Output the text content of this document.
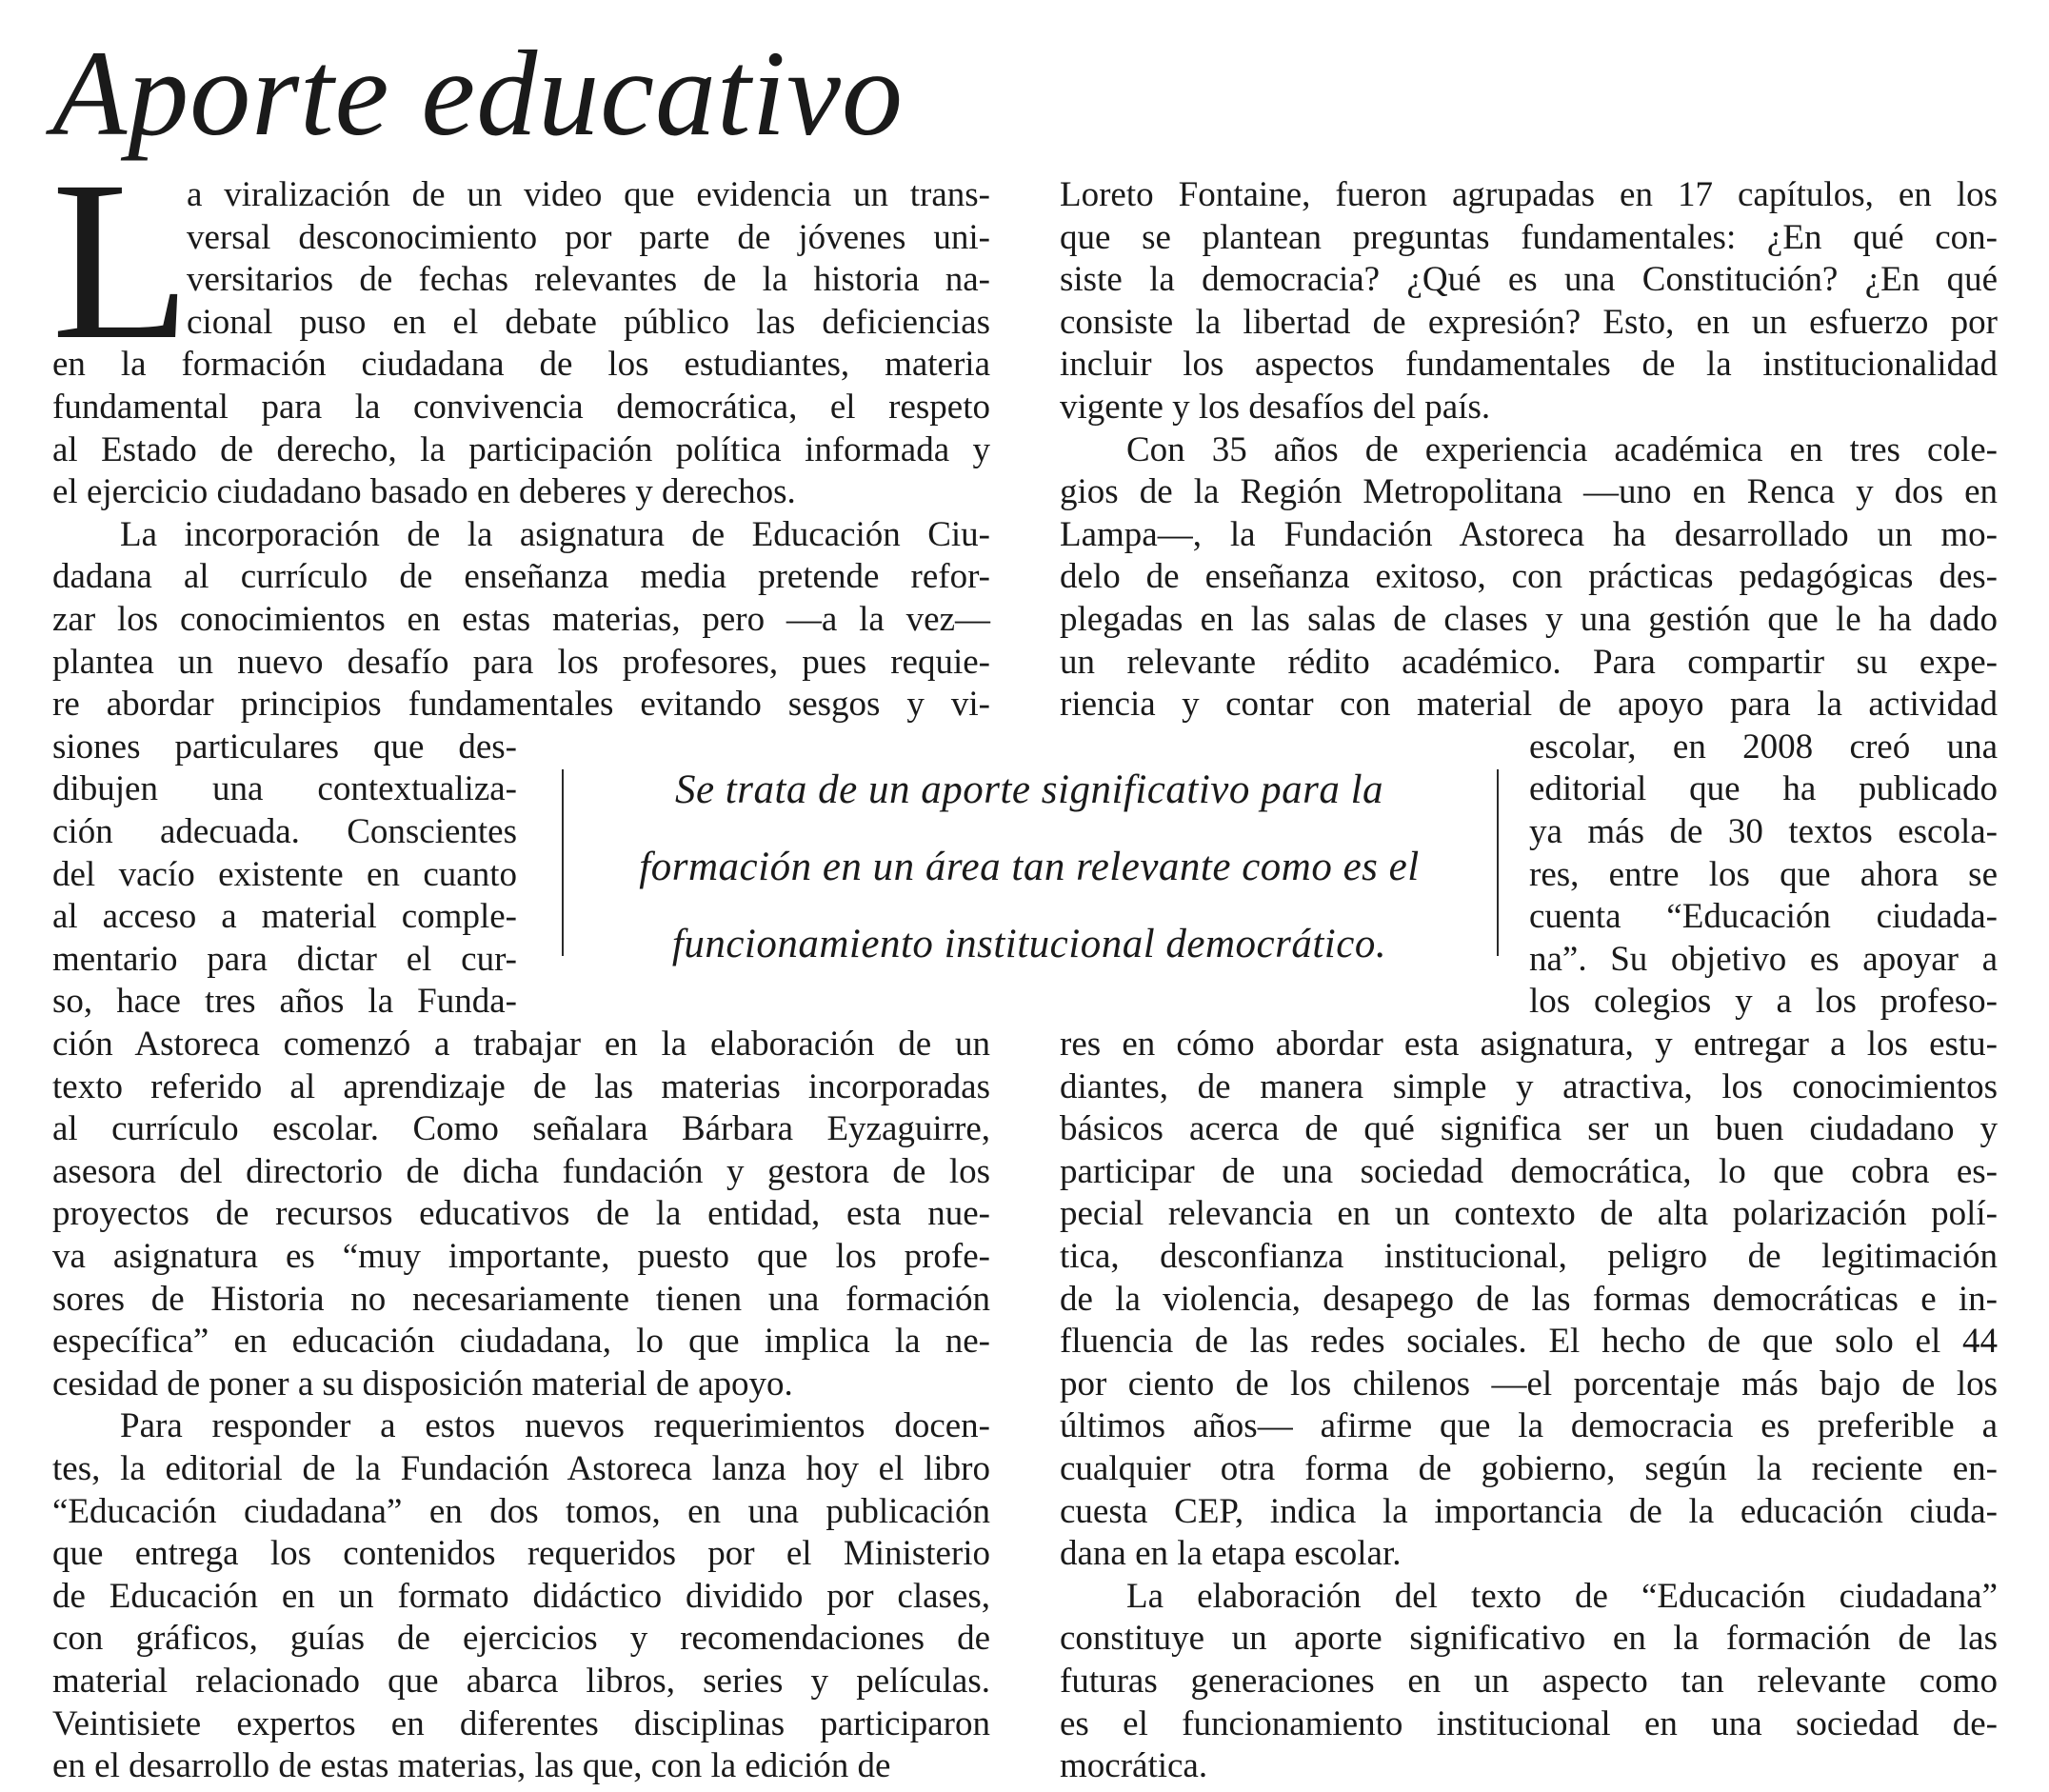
Aporte educativo
L
a viralización de un video que evidencia un trans-
versal desconocimiento por parte de jóvenes uni-
versitarios de fechas relevantes de la historia na-
cional puso en el debate público las deficiencias
en la formación ciudadana de los estudiantes, materia
fundamental para la convivencia democrática, el respeto
al Estado de derecho, la participación política informada y
el ejercicio ciudadano basado en deberes y derechos.
La incorporación de la asignatura de Educación Ciu-
dadana al currículo de enseñanza media pretende refor-
zar los conocimientos en estas materias, pero —a la vez—
plantea un nuevo desafío para los profesores, pues requie-
re abordar principios fundamentales evitando sesgos y vi-
siones particulares que des-
dibujen una contextualiza-
ción adecuada. Conscientes
del vacío existente en cuanto
al acceso a material comple-
mentario para dictar el cur-
so, hace tres años la Funda-
ción Astoreca comenzó a trabajar en la elaboración de un
texto referido al aprendizaje de las materias incorporadas
al currículo escolar. Como señalara Bárbara Eyzaguirre,
asesora del directorio de dicha fundación y gestora de los
proyectos de recursos educativos de la entidad, esta nue-
va asignatura es “muy importante, puesto que los profe-
sores de Historia no necesariamente tienen una formación
específica” en educación ciudadana, lo que implica la ne-
cesidad de poner a su disposición material de apoyo.
Para responder a estos nuevos requerimientos docen-
tes, la editorial de la Fundación Astoreca lanza hoy el libro
“Educación ciudadana” en dos tomos, en una publicación
que entrega los contenidos requeridos por el Ministerio
de Educación en un formato didáctico dividido por clases,
con gráficos, guías de ejercicios y recomendaciones de
material relacionado que abarca libros, series y películas.
Veintisiete expertos en diferentes disciplinas participaron
en el desarrollo de estas materias, las que, con la edición de
Loreto Fontaine, fueron agrupadas en 17 capítulos, en los
que se plantean preguntas fundamentales: ¿En qué con-
siste la democracia? ¿Qué es una Constitución? ¿En qué
consiste la libertad de expresión? Esto, en un esfuerzo por
incluir los aspectos fundamentales de la institucionalidad
vigente y los desafíos del país.
Con 35 años de experiencia académica en tres cole-
gios de la Región Metropolitana —uno en Renca y dos en
Lampa—, la Fundación Astoreca ha desarrollado un mo-
delo de enseñanza exitoso, con prácticas pedagógicas des-
plegadas en las salas de clases y una gestión que le ha dado
un relevante rédito académico. Para compartir su expe-
riencia y contar con material de apoyo para la actividad
escolar, en 2008 creó una
editorial que ha publicado
ya más de 30 textos escola-
res, entre los que ahora se
cuenta “Educación ciudada-
na”. Su objetivo es apoyar a
los colegios y a los profeso-
res en cómo abordar esta asignatura, y entregar a los estu-
diantes, de manera simple y atractiva, los conocimientos
básicos acerca de qué significa ser un buen ciudadano y
participar de una sociedad democrática, lo que cobra es-
pecial relevancia en un contexto de alta polarización polí-
tica, desconfianza institucional, peligro de legitimación
de la violencia, desapego de las formas democráticas e in-
fluencia de las redes sociales. El hecho de que solo el 44
por ciento de los chilenos —el porcentaje más bajo de los
últimos años— afirme que la democracia es preferible a
cualquier otra forma de gobierno, según la reciente en-
cuesta CEP, indica la importancia de la educación ciuda-
dana en la etapa escolar.
La elaboración del texto de “Educación ciudadana”
constituye un aporte significativo en la formación de las
futuras generaciones en un aspecto tan relevante como
es el funcionamiento institucional en una sociedad de-
mocrática.
Se trata de un aporte significativo para la
formación en un área tan relevante como es el
funcionamiento institucional democrático.
